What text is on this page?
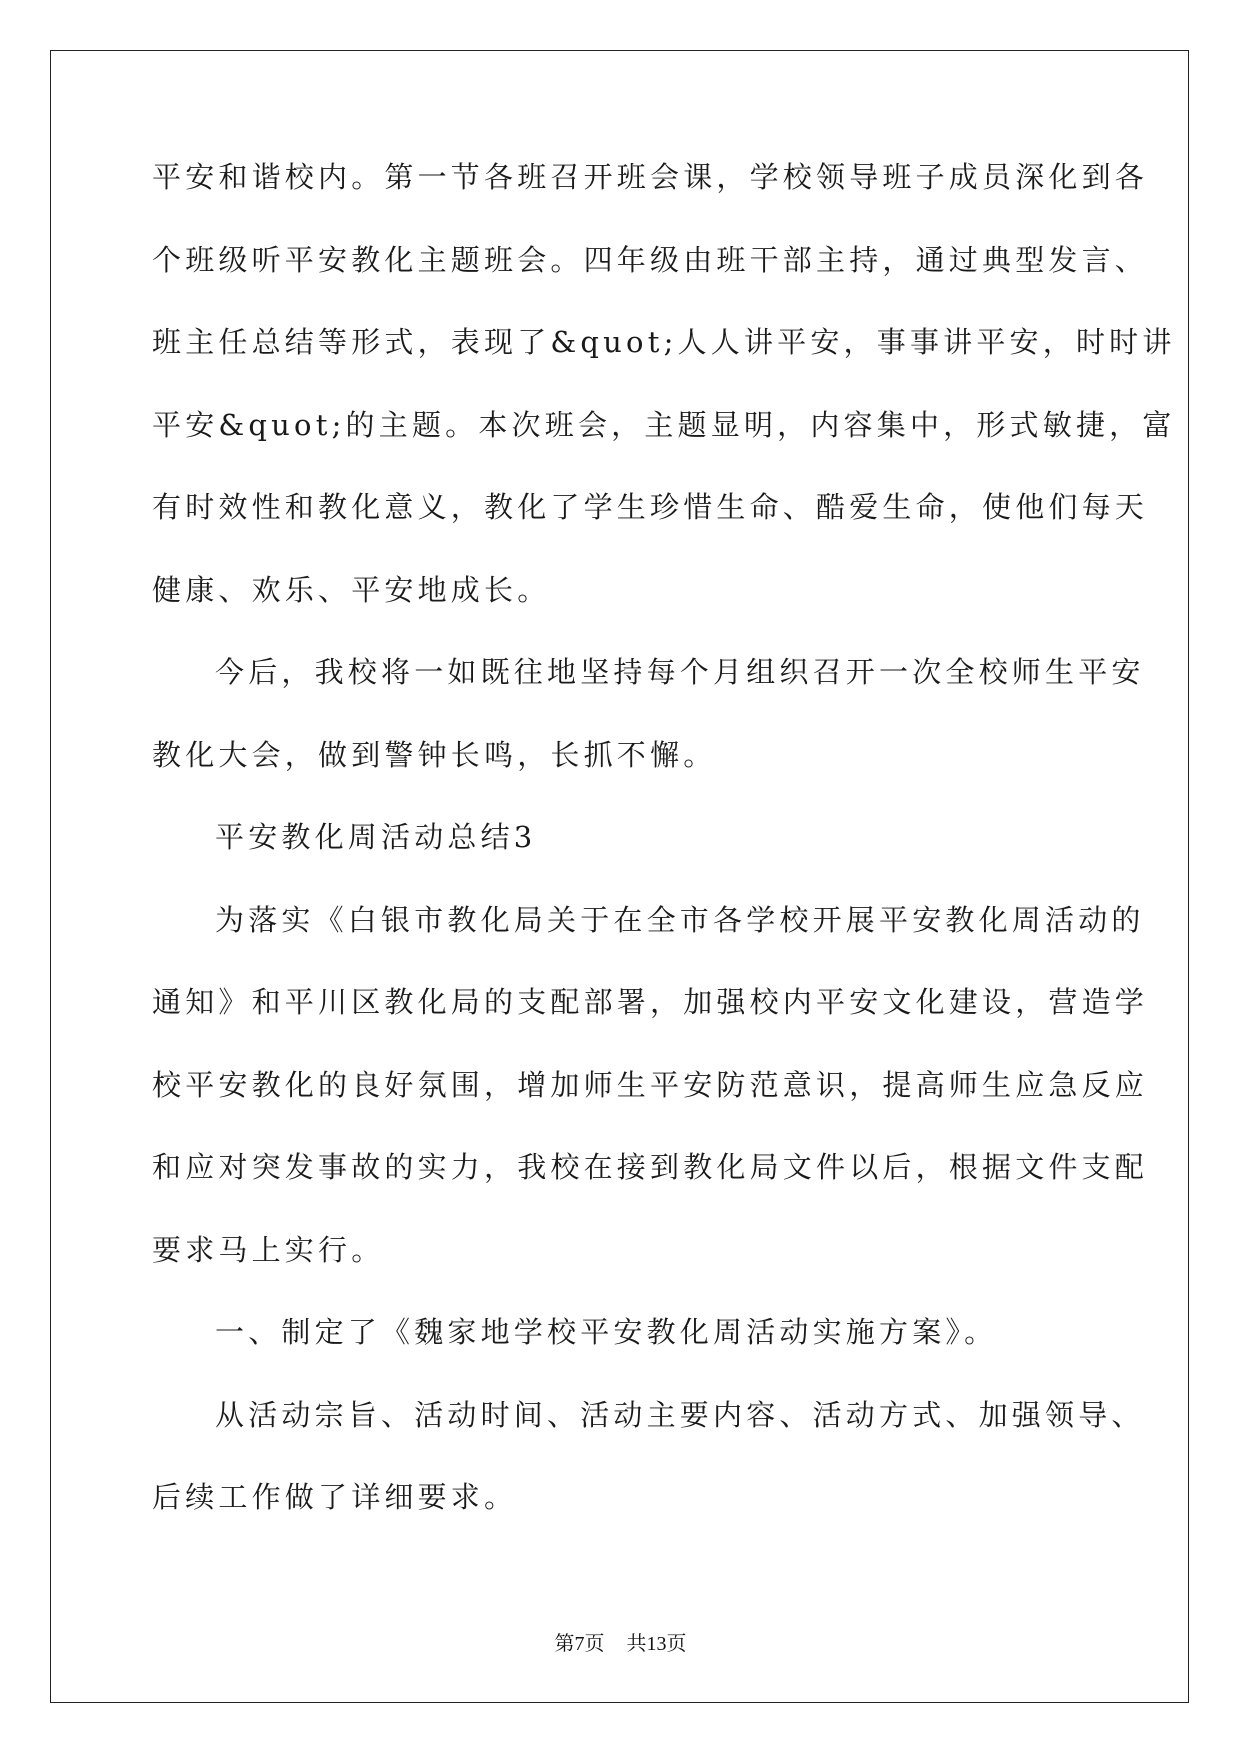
平安和谐校内。第一节各班召开班会课，学校领导班子成员深化到各
个班级听平安教化主题班会。四年级由班干部主持，通过典型发言、
班主任总结等形式，表现了&quot;人人讲平安，事事讲平安，时时讲
平安&quot;的主题。本次班会，主题显明，内容集中，形式敏捷，富
有时效性和教化意义，教化了学生珍惜生命、酷爱生命，使他们每天
健康、欢乐、平安地成长。
今后，我校将一如既往地坚持每个月组织召开一次全校师生平安
教化大会，做到警钟长鸣，长抓不懈。
平安教化周活动总结3
为落实《白银市教化局关于在全市各学校开展平安教化周活动的
通知》和平川区教化局的支配部署，加强校内平安文化建设，营造学
校平安教化的良好氛围，增加师生平安防范意识，提高师生应急反应
和应对突发事故的实力，我校在接到教化局文件以后，根据文件支配
要求马上实行。
一、制定了《魏家地学校平安教化周活动实施方案》。
从活动宗旨、活动时间、活动主要内容、活动方式、加强领导、
后续工作做了详细要求。
第7页 共13页
